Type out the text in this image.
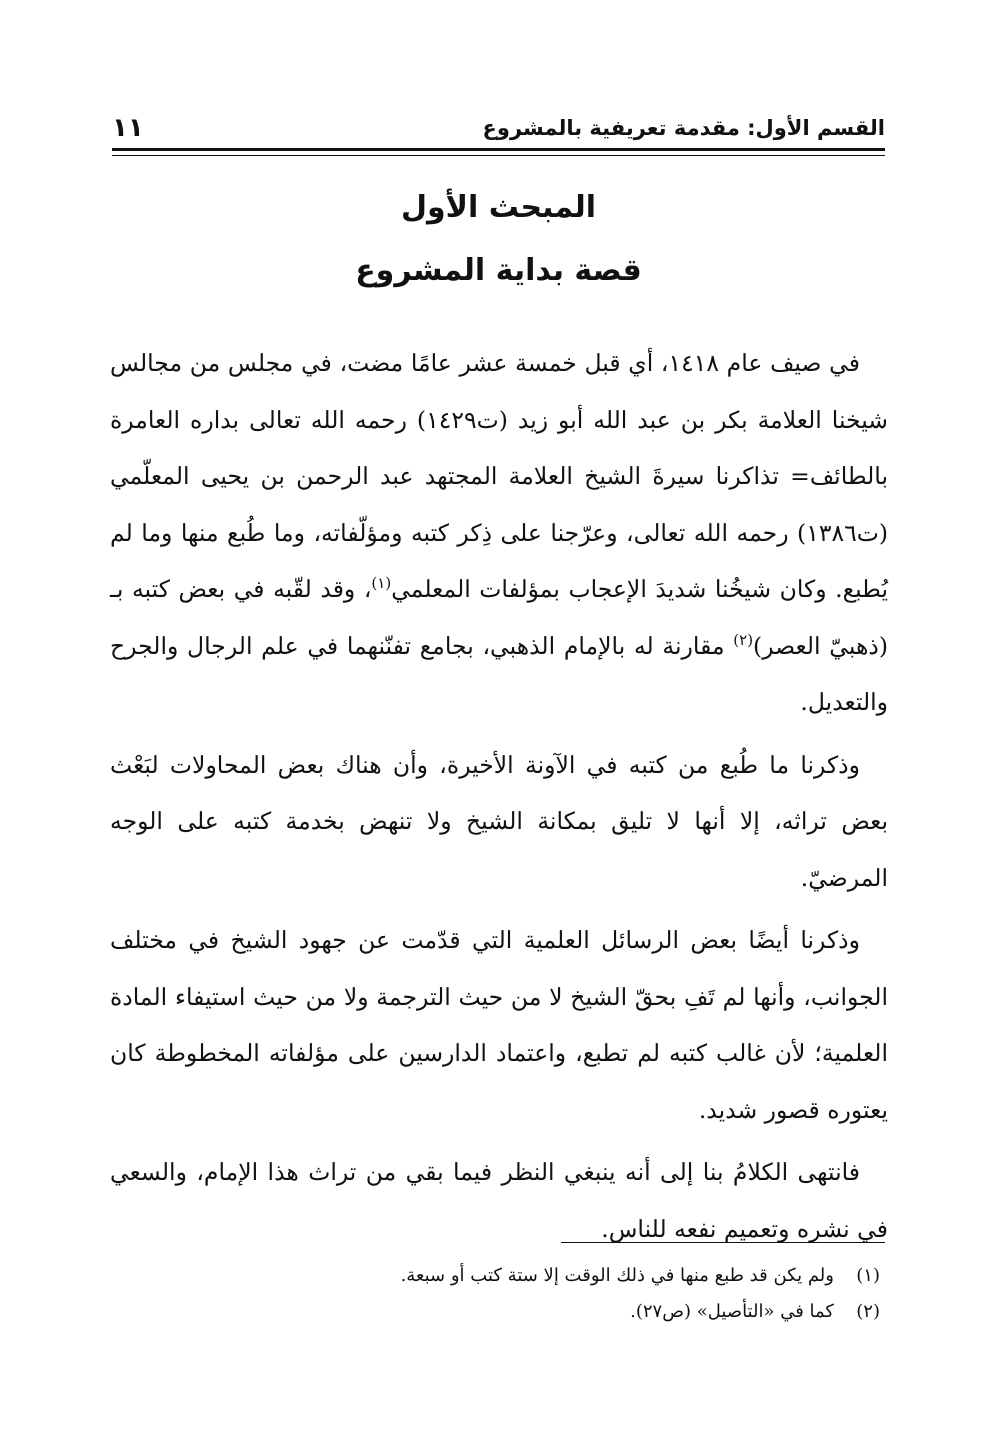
القسم الأول: مقدمة تعريفية بالمشروع
١١
المبحث الأول
قصة بداية المشروع

في صيف عام ١٤١٨، أي قبل خمسة عشر عامًا مضت، في مجلس من مجالس شيخنا العلامة بكر بن عبد الله أبو زيد (ت١٤٢٩) رحمه الله تعالى بداره العامرة بالطائف= تذاكرنا سيرةَ الشيخ العلامة المجتهد عبد الرحمن بن يحيى المعلّمي (ت١٣٨٦) رحمه الله تعالى، وعرّجنا على ذِكر كتبه ومؤلّفاته، وما طُبع منها وما لم يُطبع. وكان شيخُنا شديدَ الإعجاب بمؤلفات المعلمي$^{(١)}$، وقد لقّبه في بعض كتبه بـ (ذهبيّ العصر)$^{(٢)}$ مقارنة له بالإمام الذهبي، بجامع تفنّنهما في علم الرجال والجرح والتعديل.

وذكرنا ما طُبع من كتبه في الآونة الأخيرة، وأن هناك بعض المحاولات لبَعْث بعض تراثه، إلا أنها لا تليق بمكانة الشيخ ولا تنهض بخدمة كتبه على الوجه المرضيّ.

وذكرنا أيضًا بعض الرسائل العلمية التي قدّمت عن جهود الشيخ في مختلف الجوانب، وأنها لم تَفِ بحقّ الشيخ لا من حيث الترجمة ولا من حيث استيفاء المادة العلمية؛ لأن غالب كتبه لم تطبع، واعتماد الدارسين على مؤلفاته المخطوطة كان يعتوره قصور شديد.

فانتهى الكلامُ بنا إلى أنه ينبغي النظر فيما بقي من تراث هذا الإمام، والسعي في نشره وتعميم نفعه للناس.

(١)
ولم يكن قد طبع منها في ذلك الوقت إلا ستة كتب أو سبعة.
(٢)
كما في «التأصيل» (ص٢٧).
